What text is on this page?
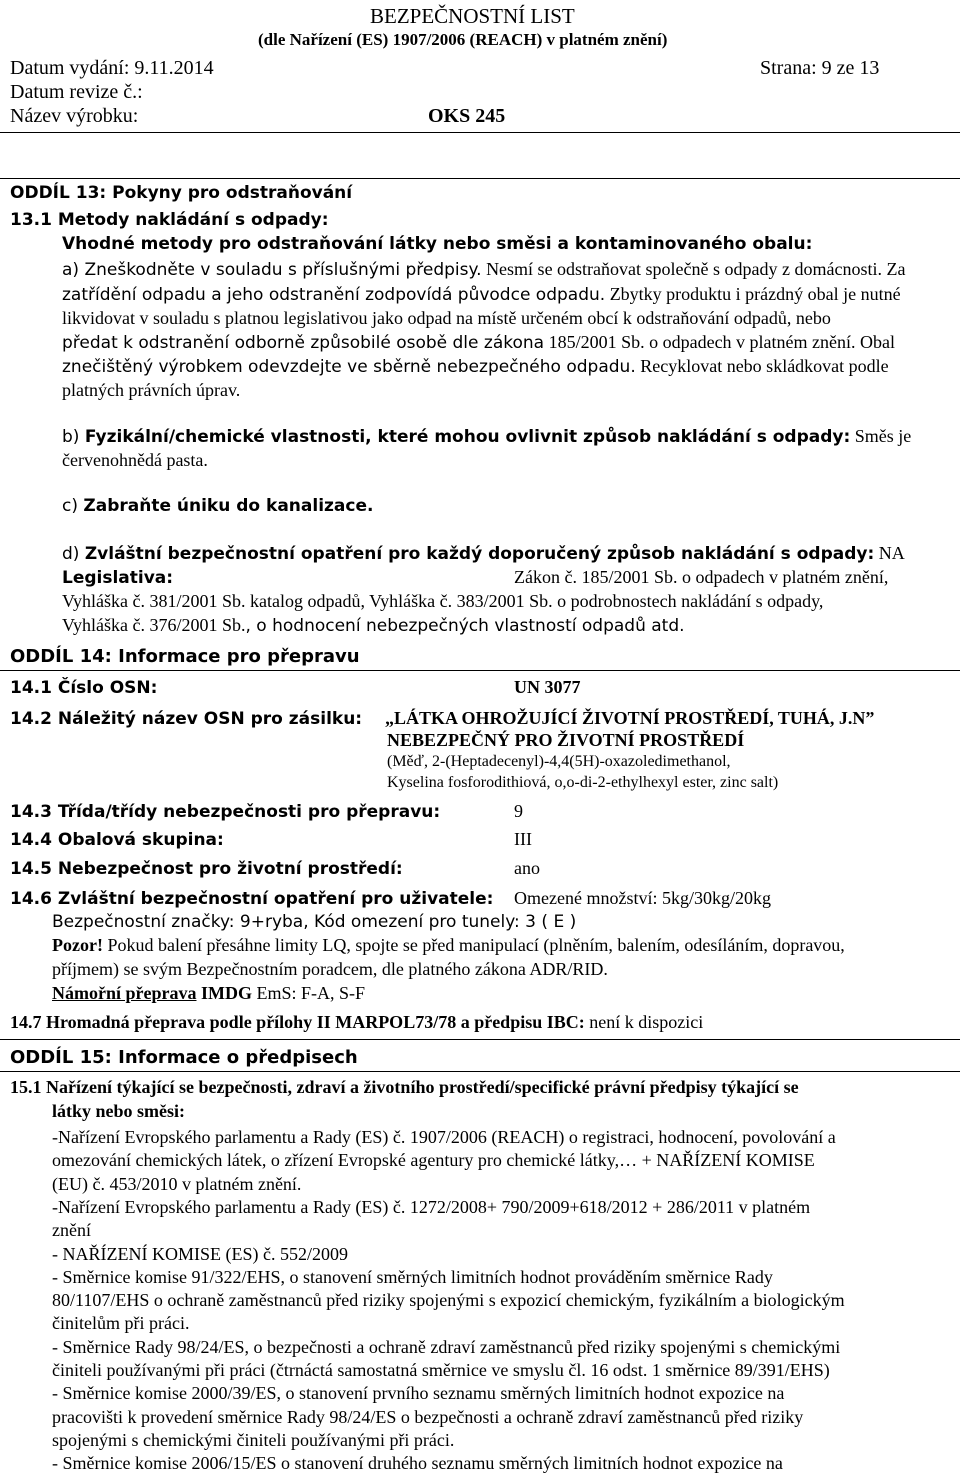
BEZPEČNOSTNÍ LIST
(dle Nařízení (ES) 1907/2006 (REACH) v platném znění)
Datum vydání: 9.11.2014	Strana: 9 ze 13
Datum revize č.:
Název výrobku:	OKS 245
ODDÍL 13: Pokyny pro odstraňování
13.1 Metody nakládání s odpady:
Vhodné metody pro odstraňování látky nebo směsi a kontaminovaného obalu:
a) Zneškodněte v souladu s příslušnými předpisy. Nesmí se odstraňovat společně s odpady z domácnosti. Za
zatřídění odpadu a jeho odstranění zodpovídá původce odpadu. Zbytky produktu i prázdný obal je nutné
likvidovat v souladu s platnou legislativou jako odpad na místě určeném obcí k odstraňování odpadů, nebo
předat k odstranění odborně způsobilé osobě dle zákona 185/2001 Sb. o odpadech v platném znění. Obal
znečištěný výrobkem odevzdejte ve sběrně nebezpečného odpadu. Recyklovat nebo skládkovat podle
platných právních úprav.
b) Fyzikální/chemické vlastnosti, které mohou ovlivnit způsob nakládání s odpady: Směs je
červenohnědá pasta.
c) Zabraňte úniku do kanalizace.
d) Zvláštní bezpečnostní opatření pro každý doporučený způsob nakládání s odpady: NA
Legislativa:	Zákon č. 185/2001 Sb. o odpadech v platném znění,
Vyhláška č. 381/2001 Sb. katalog odpadů, Vyhláška č. 383/2001 Sb. o podrobnostech nakládání s odpady,
Vyhláška č. 376/2001 Sb., o hodnocení nebezpečných vlastností odpadů atd.
ODDÍL 14: Informace pro přepravu
14.1 Číslo OSN:	UN 3077
14.2 Náležitý název OSN pro zásilku: „LÁTKA OHROŽUJÍCÍ ŽIVOTNÍ PROSTŘEDÍ, TUHÁ, J.N”
NEBEZPEČNÝ PRO ŽIVOTNÍ PROSTŘEDÍ
(Měď, 2-(Heptadecenyl)-4,4(5H)-oxazoledimethanol,
Kyselina fosforodithiová, o,o-di-2-ethylhexyl ester, zinc salt)
14.3 Třída/třídy nebezpečnosti pro přepravu:	9
14.4 Obalová skupina:	III
14.5 Nebezpečnost pro životní prostředí:	ano
14.6 Zvláštní bezpečnostní opatření pro uživatele: Omezené množství: 5kg/30kg/20kg
Bezpečnostní značky: 9+ryba, Kód omezení pro tunely: 3 ( E )
Pozor! Pokud balení přesáhne limity LQ, spojte se před manipulací (plněním, balením, odesíláním, dopravou,
příjmem) se svým Bezpečnostním poradcem, dle platného zákona ADR/RID.
Námořní přeprava IMDG EmS: F-A, S-F
14.7 Hromadná přeprava podle přílohy II MARPOL73/78 a předpisu IBC: není k dispozici
ODDÍL 15: Informace o předpisech
15.1 Nařízení týkající se bezpečnosti, zdraví a životního prostředí/specifické právní předpisy týkající se
látky nebo směsi:
-Nařízení Evropského parlamentu a Rady (ES) č. 1907/2006 (REACH) o registraci, hodnocení, povolování a
omezování chemických látek, o zřízení Evropské agentury pro chemické látky,… + NAŘÍZENÍ KOMISE
(EU) č. 453/2010 v platném znění.
-Nařízení Evropského parlamentu a Rady (ES) č. 1272/2008+ 790/2009+618/2012 + 286/2011 v platném
znění
- NAŘÍZENÍ KOMISE (ES) č. 552/2009
- Směrnice komise 91/322/EHS, o stanovení směrných limitních hodnot prováděním směrnice Rady
80/1107/EHS o ochraně zaměstnanců před riziky spojenými s expozicí chemickým, fyzikálním a biologickým
činitelům při práci.
- Směrnice Rady 98/24/ES, o bezpečnosti a ochraně zdraví zaměstnanců před riziky spojenými s chemickými
činiteli používanými při práci (čtrnáctá samostatná směrnice ve smyslu čl. 16 odst. 1 směrnice 89/391/EHS)
- Směrnice komise 2000/39/ES, o stanovení prvního seznamu směrných limitních hodnot expozice na
pracovišti k provedení směrnice Rady 98/24/ES o bezpečnosti a ochraně zdraví zaměstnanců před riziky
spojenými s chemickými činiteli používanými při práci.
- Směrnice komise 2006/15/ES o stanovení druhého seznamu směrných limitních hodnot expozice na
